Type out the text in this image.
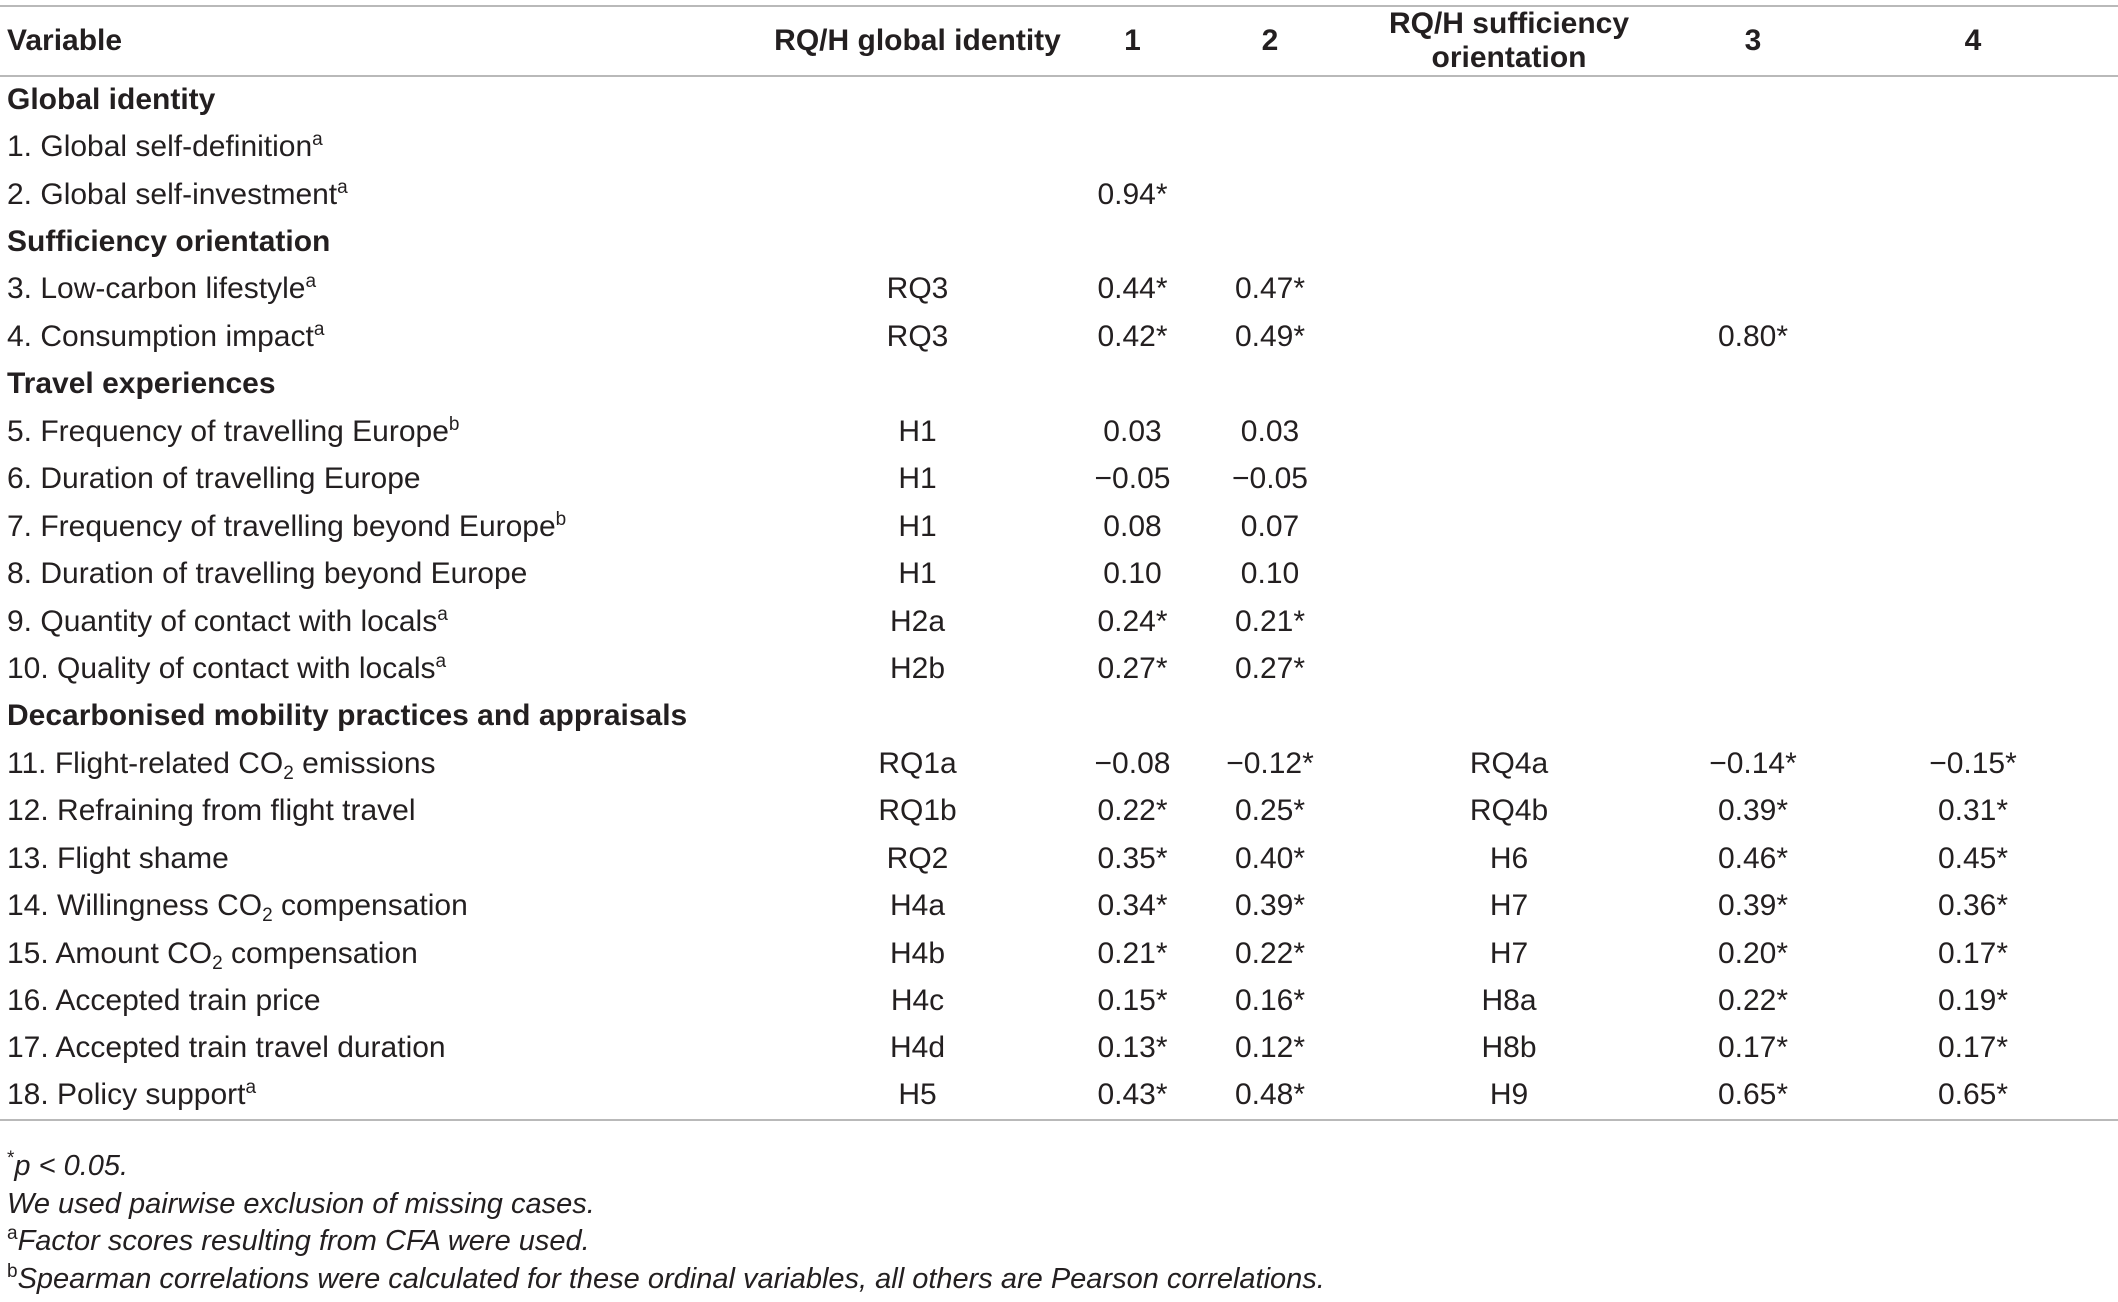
Variable	RQ/H global identity	1	2	RQ/H sufficiency orientation	3	4
Global identity						
1. Global self-definition$^a$						
2. Global self-investment$^a$		0.94*				
Sufficiency orientation						
3. Low-carbon lifestyle$^a$	RQ3	0.44*	0.47*			
4. Consumption impact$^a$	RQ3	0.42*	0.49*		0.80*	
Travel experiences						
5. Frequency of travelling Europe$^b$	H1	0.03	0.03			
6. Duration of travelling Europe	H1	−0.05	−0.05			
7. Frequency of travelling beyond Europe$^b$	H1	0.08	0.07			
8. Duration of travelling beyond Europe	H1	0.10	0.10			
9. Quantity of contact with locals$^a$	H2a	0.24*	0.21*			
10. Quality of contact with locals$^a$	H2b	0.27*	0.27*			
Decarbonised mobility practices and appraisals						
11. Flight-related $CO_2$ emissions	RQ1a	−0.08	−0.12*	RQ4a	−0.14*	−0.15*
12. Refraining from flight travel	RQ1b	0.22*	0.25*	RQ4b	0.39*	0.31*
13. Flight shame	RQ2	0.35*	0.40*	H6	0.46*	0.45*
14. Willingness $CO_2$ compensation	H4a	0.34*	0.39*	H7	0.39*	0.36*
15. Amount $CO_2$ compensation	H4b	0.21*	0.22*	H7	0.20*	0.17*
16. Accepted train price	H4c	0.15*	0.16*	H8a	0.22*	0.19*
17. Accepted train travel duration	H4d	0.13*	0.12*	H8b	0.17*	0.17*
18. Policy support$^a$	H5	0.43*	0.48*	H9	0.65*	0.65*
*p < 0.05.
We used pairwise exclusion of missing cases.
$^a$Factor scores resulting from CFA were used.
$^b$Spearman correlations were calculated for these ordinal variables, all others are Pearson correlations.
